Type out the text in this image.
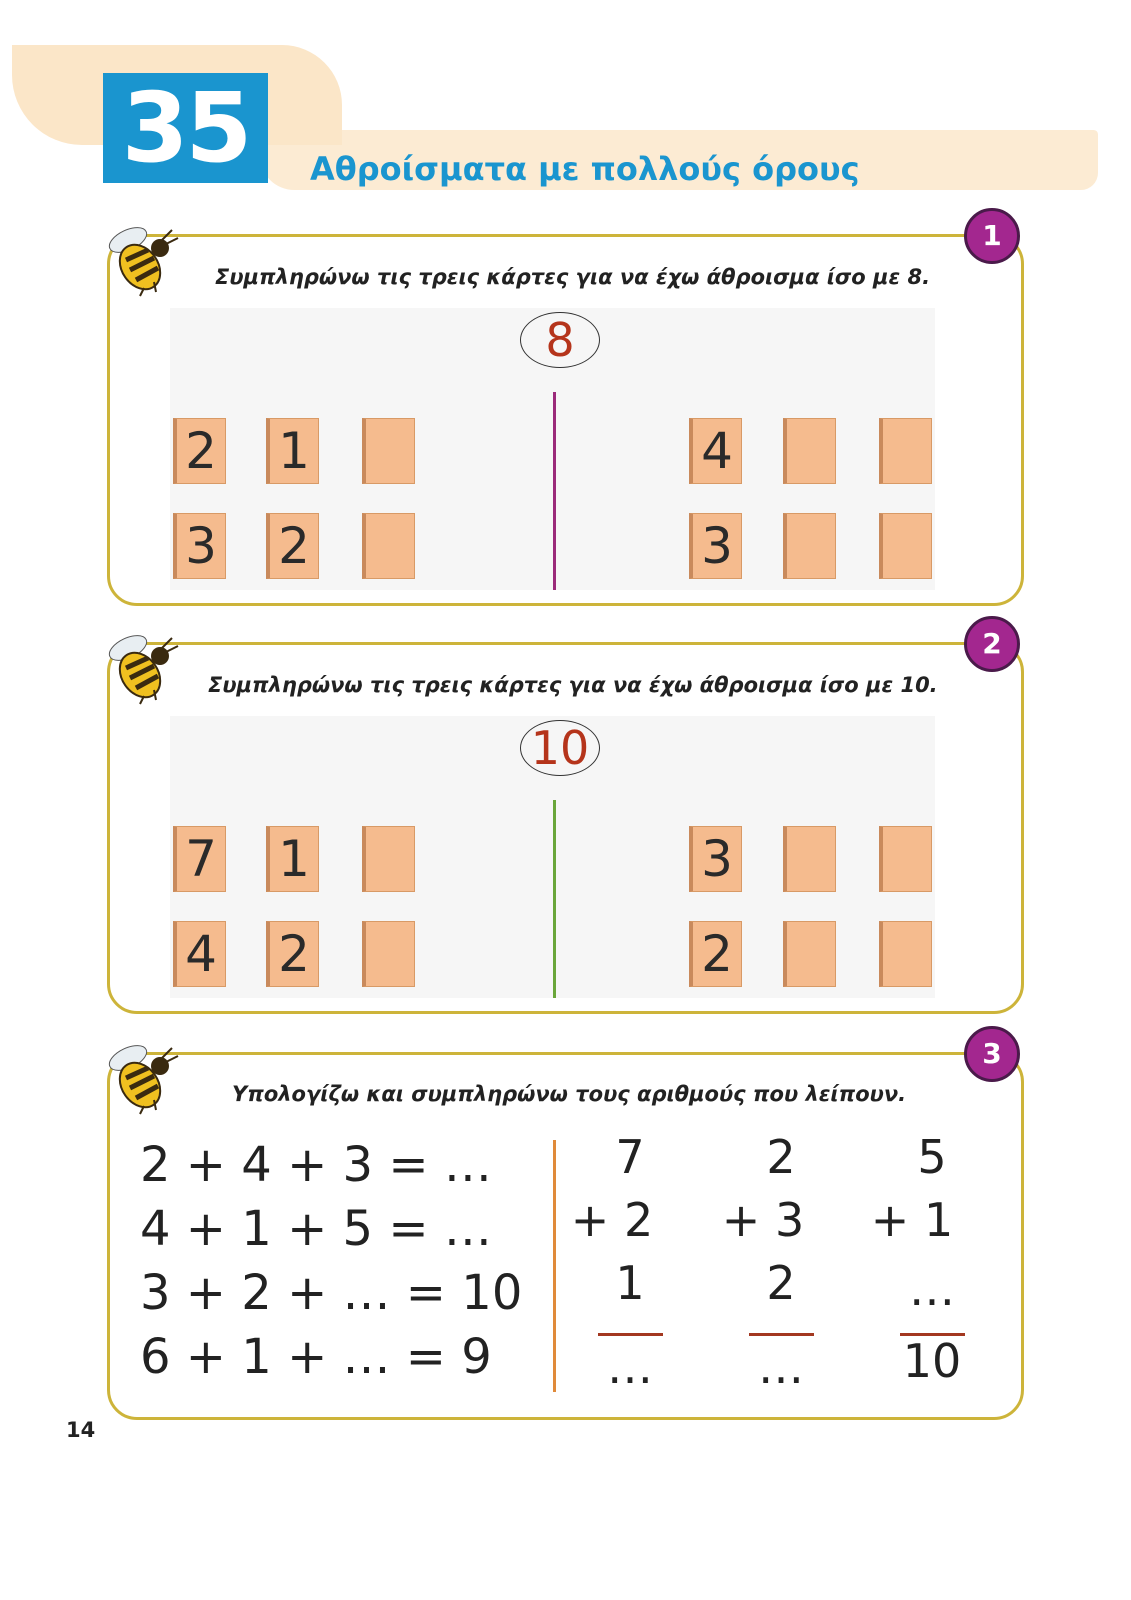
35	Αθροίσματα με πολλούς όρους
1
Συμπληρώνω τις τρεις κάρτες για να έχω άθροισμα ίσο με 8.
8
2 1
3 2
4
3
2
Συμπληρώνω τις τρεις κάρτες για να έχω άθροισμα ίσο με 10.
10
7 1
4 2
3
2
3
Υπολογίζω και συμπληρώνω τους αριθμούς που λείπουν.
2 + 4 + 3 = …
4 + 1 + 5 = …
3 + 2 + … = 10
6 + 1 + … = 9
7
+ 2
1
…
2
+ 3
2
…
5
+ 1
…
10
14
